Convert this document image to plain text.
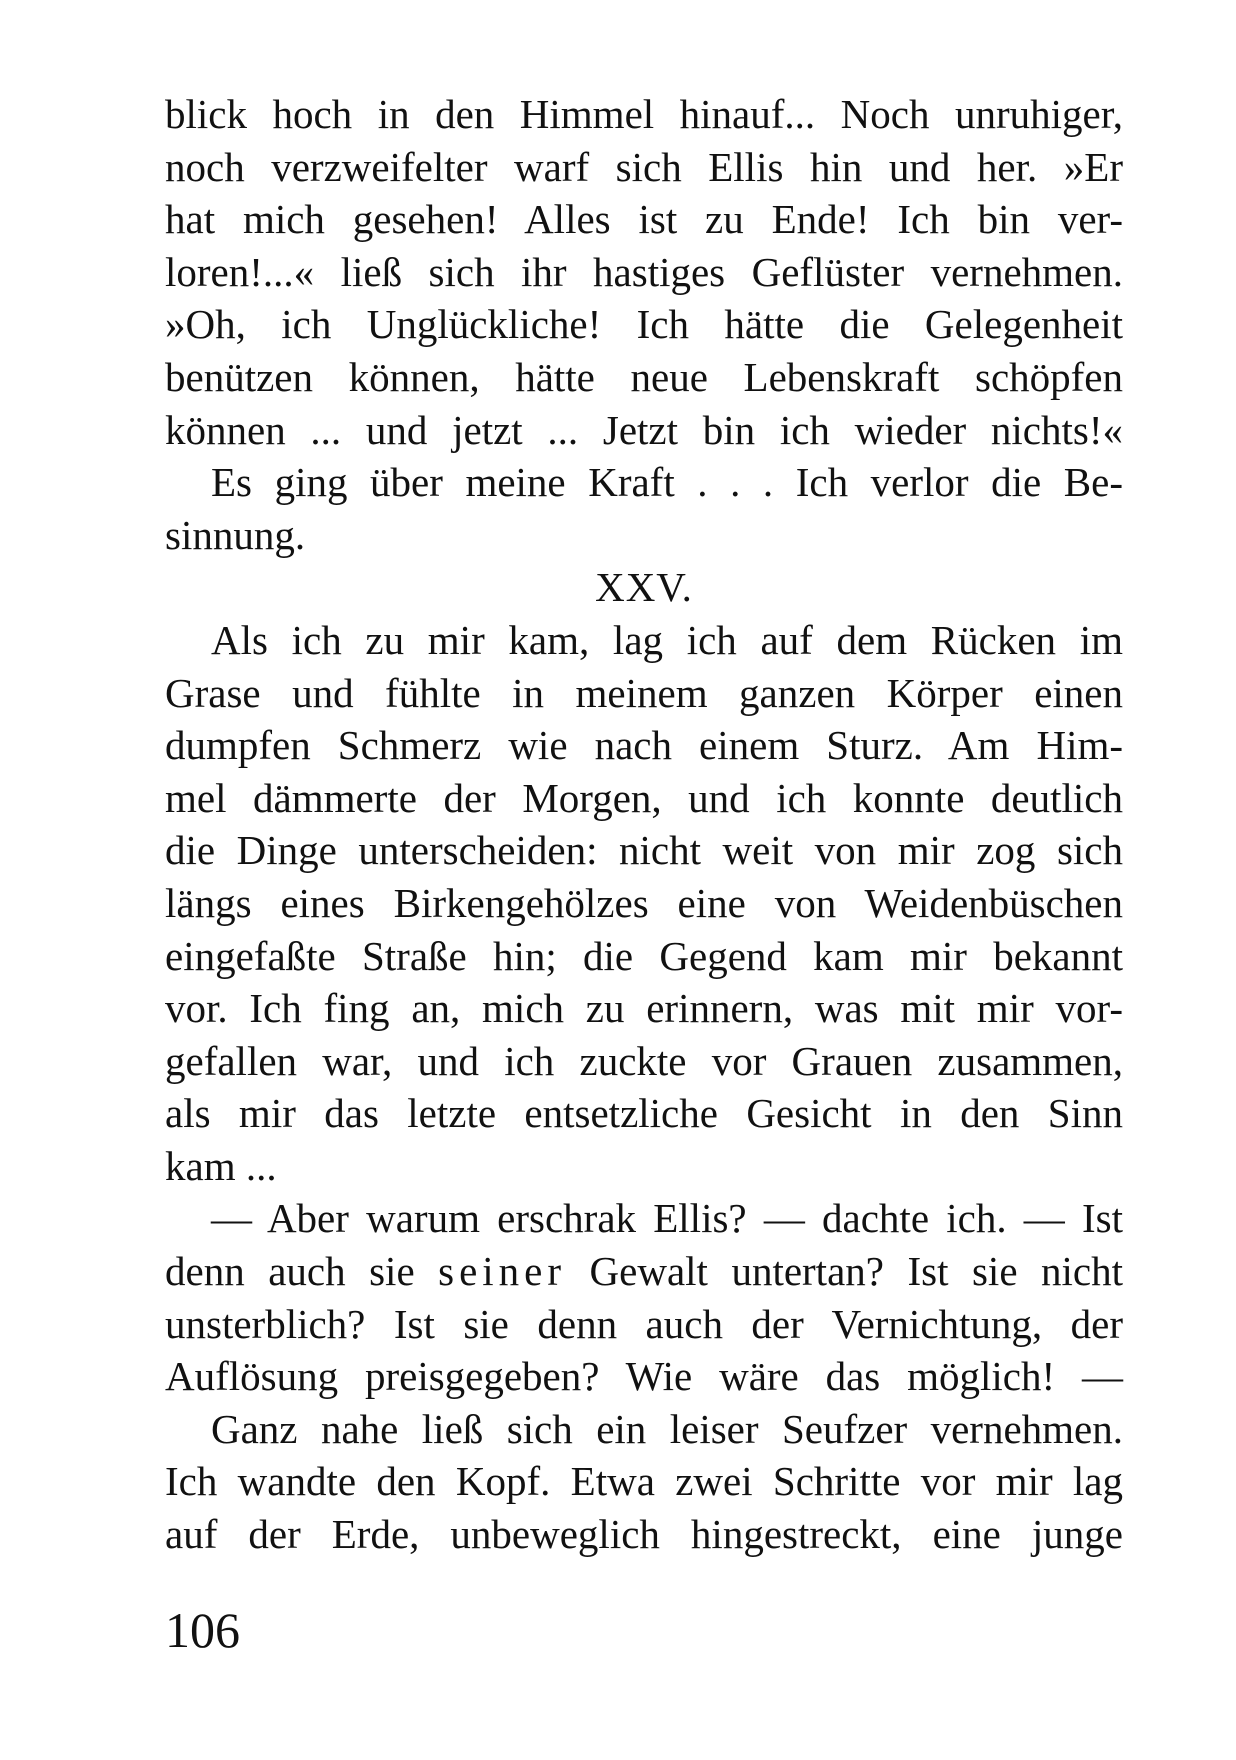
blick hoch in den Himmel hinauf... Noch unruhiger,
noch verzweifelter warf sich Ellis hin und her. »Er
hat mich gesehen! Alles ist zu Ende! Ich bin ver-
loren!...« ließ sich ihr hastiges Geflüster vernehmen.
»Oh, ich Unglückliche! Ich hätte die Gelegenheit
benützen können, hätte neue Lebenskraft schöpfen
können ... und jetzt ... Jetzt bin ich wieder nichts!«
Es ging über meine Kraft . . . Ich verlor die Be-
sinnung.
XXV.
Als ich zu mir kam, lag ich auf dem Rücken im
Grase und fühlte in meinem ganzen Körper einen
dumpfen Schmerz wie nach einem Sturz. Am Him-
mel dämmerte der Morgen, und ich konnte deutlich
die Dinge unterscheiden: nicht weit von mir zog sich
längs eines Birkengehölzes eine von Weidenbüschen
eingefaßte Straße hin; die Gegend kam mir bekannt
vor. Ich fing an, mich zu erinnern, was mit mir vor-
gefallen war, und ich zuckte vor Grauen zusammen,
als mir das letzte entsetzliche Gesicht in den Sinn
kam ...
— Aber warum erschrak Ellis? — dachte ich. — Ist
denn auch sie seiner Gewalt untertan? Ist sie nicht
unsterblich? Ist sie denn auch der Vernichtung, der
Auflösung preisgegeben? Wie wäre das möglich! —
Ganz nahe ließ sich ein leiser Seufzer vernehmen.
Ich wandte den Kopf. Etwa zwei Schritte vor mir lag
auf der Erde, unbeweglich hingestreckt, eine junge
106
